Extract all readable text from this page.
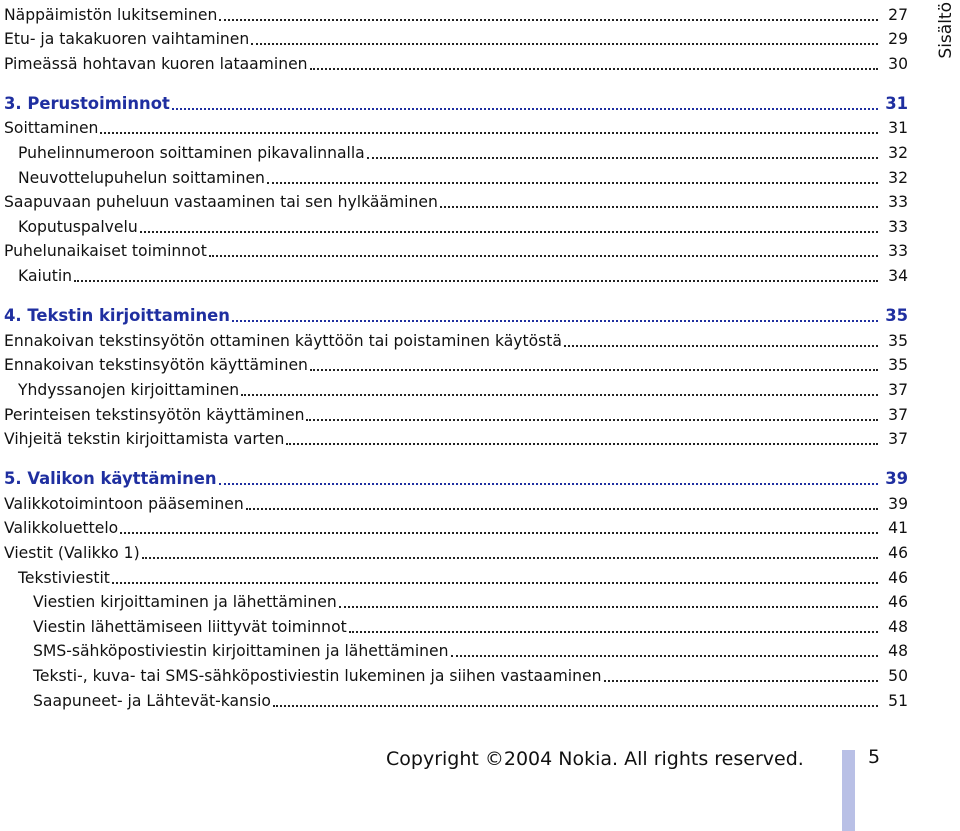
Näppäimistön lukitseminen	27
Etu- ja takakuoren vaihtaminen	29
Pimeässä hohtavan kuoren lataaminen	30
3. Perustoiminnot	31
Soittaminen	31
Puhelinnumeroon soittaminen pikavalinnalla	32
Neuvottelupuhelun soittaminen	32
Saapuvaan puheluun vastaaminen tai sen hylkääminen	33
Koputuspalvelu	33
Puhelunaikaiset toiminnot	33
Kaiutin	34
4. Tekstin kirjoittaminen	35
Ennakoivan tekstinsyötön ottaminen käyttöön tai poistaminen käytöstä	35
Ennakoivan tekstinsyötön käyttäminen	35
Yhdyssanojen kirjoittaminen	37
Perinteisen tekstinsyötön käyttäminen	37
Vihjeitä tekstin kirjoittamista varten	37
5. Valikon käyttäminen	39
Valikkotoimintoon pääseminen	39
Valikkoluettelo	41
Viestit (Valikko 1)	46
Tekstiviestit	46
Viestien kirjoittaminen ja lähettäminen	46
Viestin lähettämiseen liittyvät toiminnot	48
SMS-sähköpostiviestin kirjoittaminen ja lähettäminen	48
Teksti-, kuva- tai SMS-sähköpostiviestin lukeminen ja siihen vastaaminen	50
Saapuneet- ja Lähtevät-kansio	51
Sisältö
Copyright ©2004 Nokia. All rights reserved.	5
